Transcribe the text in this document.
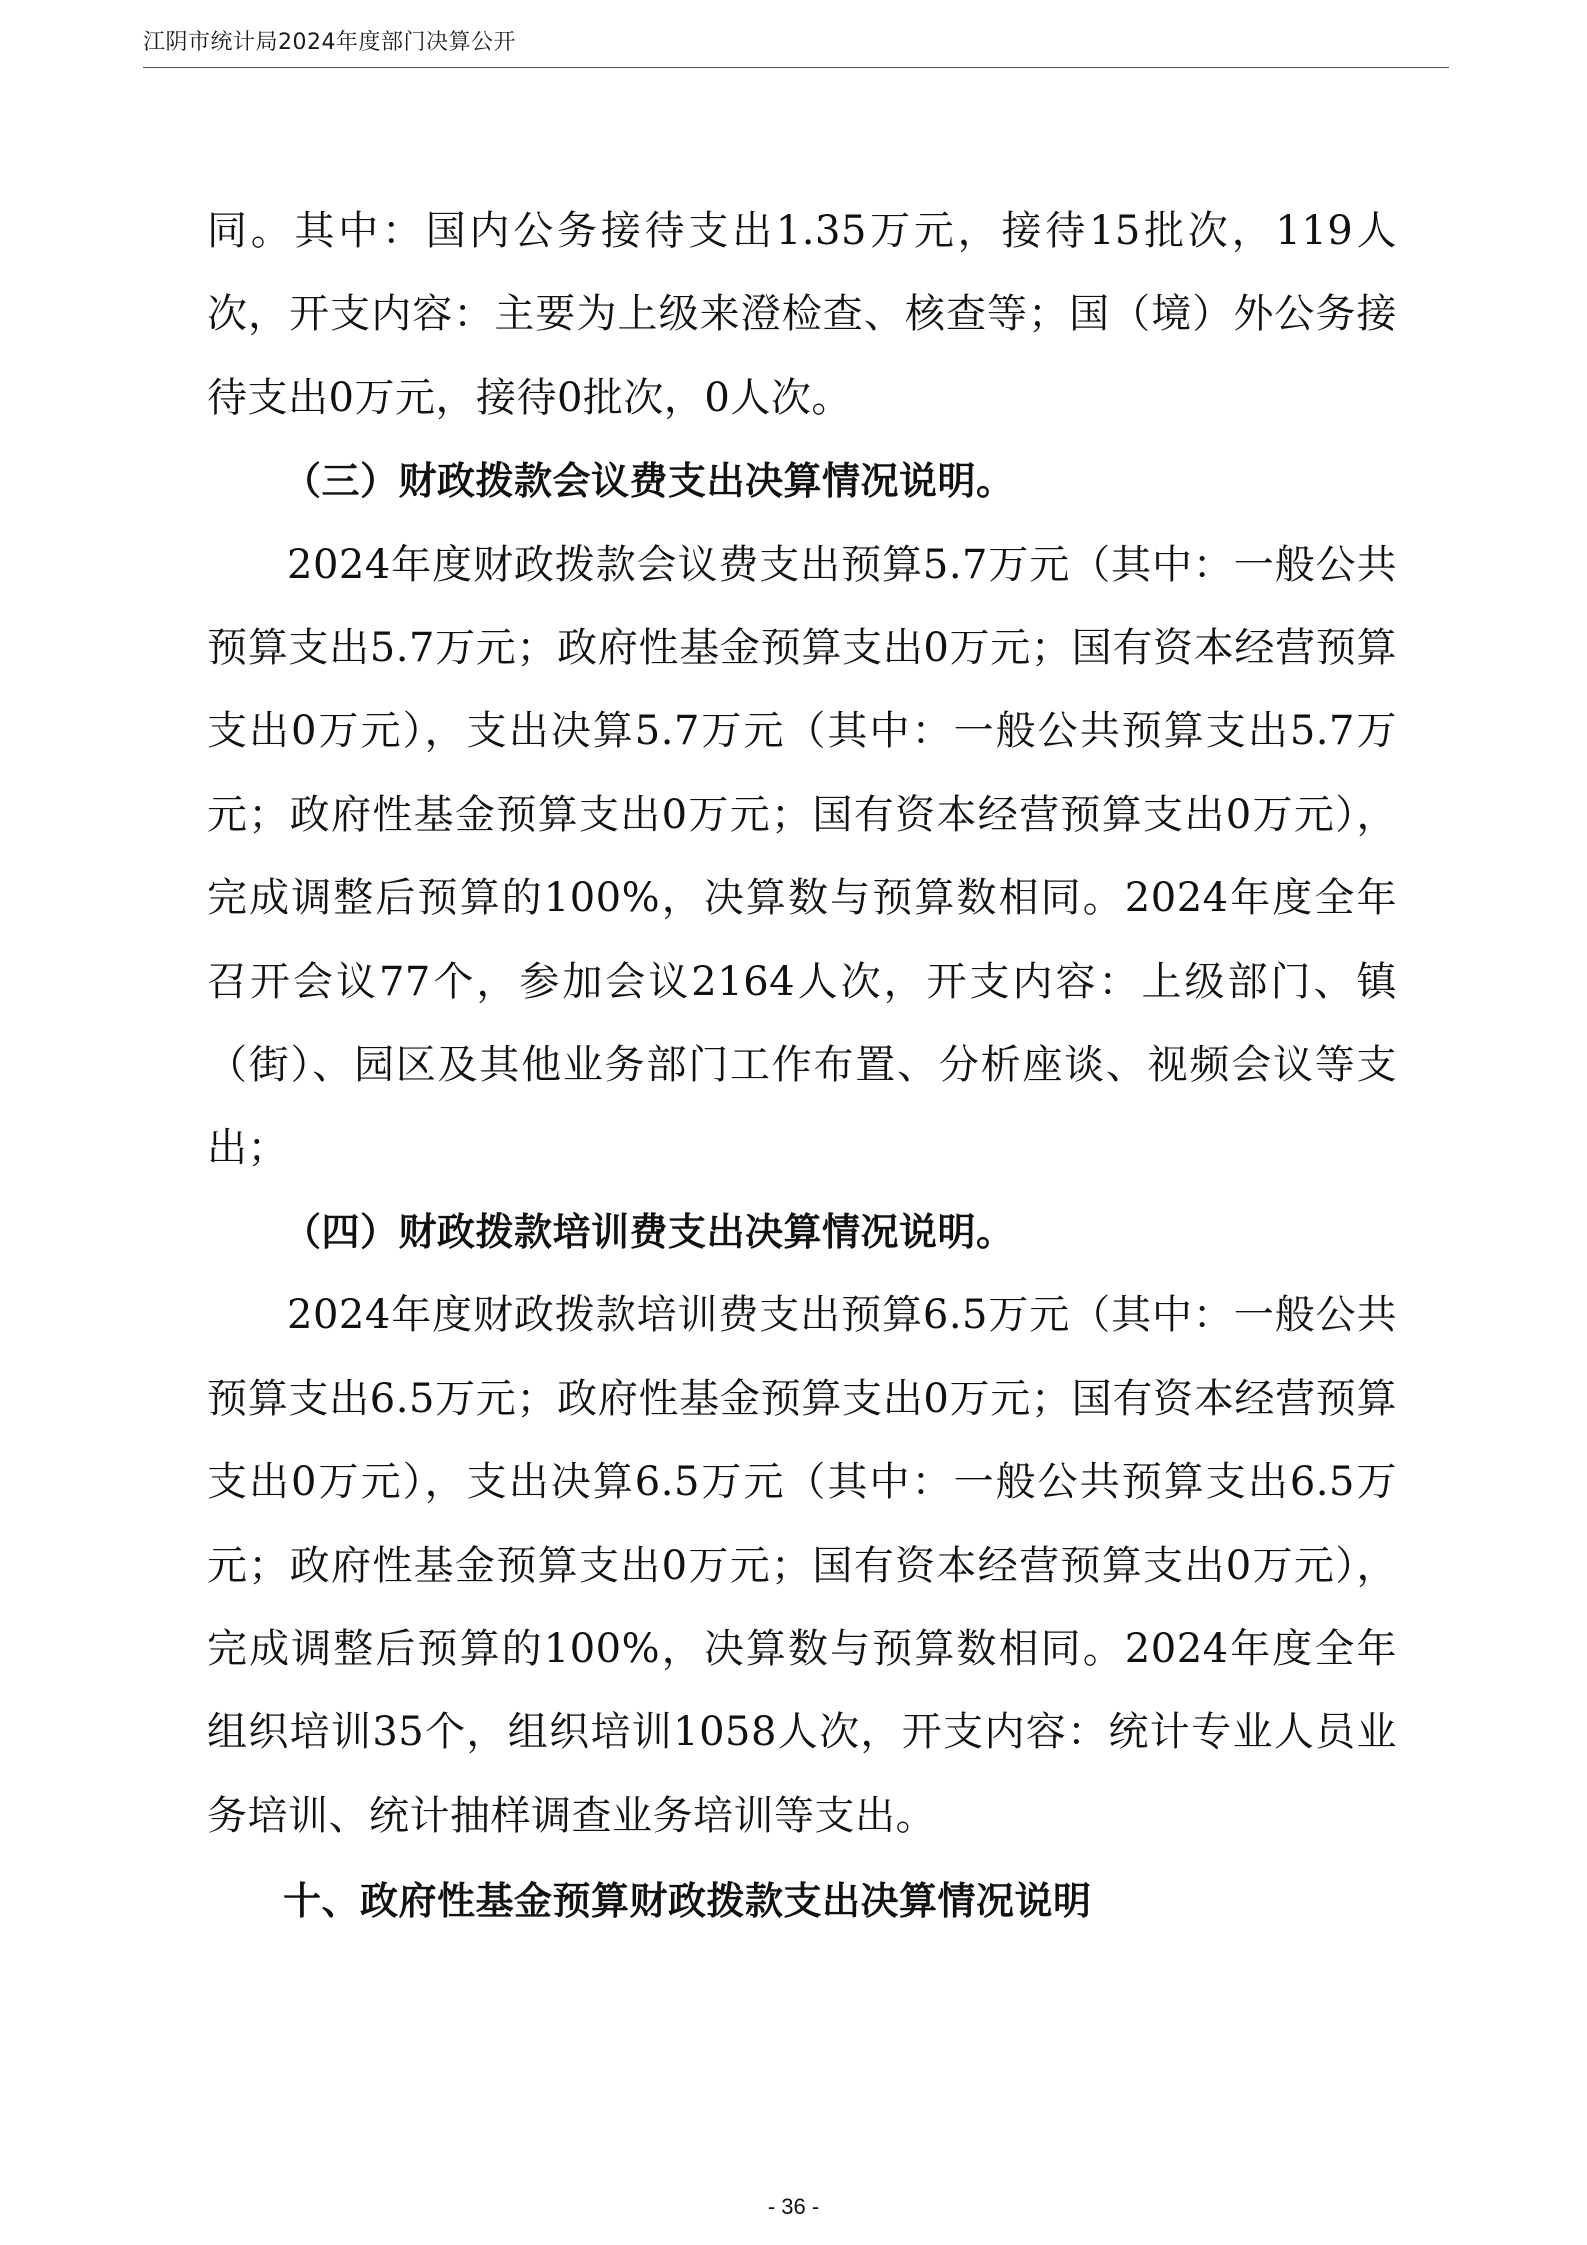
江阴市统计局2024年度部门决算公开

同。其中：国内公务接待支出1.35万元，接待15批次，119人次，开支内容：主要为上级来澄检查、核查等；国（境）外公务接待支出0万元，接待0批次，0人次。

（三）财政拨款会议费支出决算情况说明。

2024年度财政拨款会议费支出预算5.7万元（其中：一般公共预算支出5.7万元；政府性基金预算支出0万元；国有资本经营预算支出0万元），支出决算5.7万元（其中：一般公共预算支出5.7万元；政府性基金预算支出0万元；国有资本经营预算支出0万元），完成调整后预算的100%，决算数与预算数相同。2024年度全年召开会议77个，参加会议2164人次，开支内容：上级部门、镇（街）、园区及其他业务部门工作布置、分析座谈、视频会议等支出；

（四）财政拨款培训费支出决算情况说明。

2024年度财政拨款培训费支出预算6.5万元（其中：一般公共预算支出6.5万元；政府性基金预算支出0万元；国有资本经营预算支出0万元），支出决算6.5万元（其中：一般公共预算支出6.5万元；政府性基金预算支出0万元；国有资本经营预算支出0万元），完成调整后预算的100%，决算数与预算数相同。2024年度全年组织培训35个，组织培训1058人次，开支内容：统计专业人员业务培训、统计抽样调查业务培训等支出。

十、政府性基金预算财政拨款支出决算情况说明

- 36 -
